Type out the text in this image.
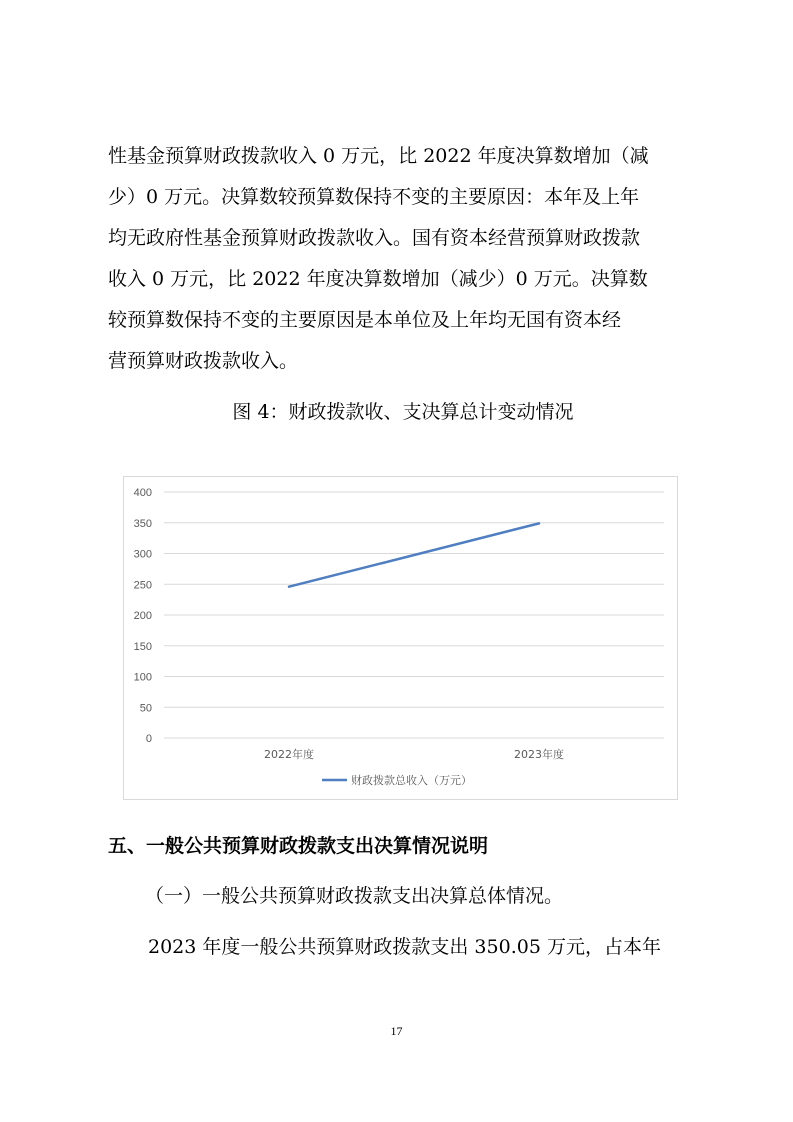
性基金预算财政拨款收入 0 万元，比 2022 年度决算数增加（减
少）0 万元。决算数较预算数保持不变的主要原因：本年及上年
均无政府性基金预算财政拨款收入。国有资本经营预算财政拨款
收入 0 万元，比 2022 年度决算数增加（减少）0 万元。决算数
较预算数保持不变的主要原因是本单位及上年均无国有资本经
营预算财政拨款收入。

图 4：财政拨款收、支决算总计变动情况

0
50
100
150
200
250
300
350
400
2022年度	2023年度
财政拨款总收入（万元）

五、一般公共预算财政拨款支出决算情况说明

（一）一般公共预算财政拨款支出决算总体情况。

2023 年度一般公共预算财政拨款支出 350.05 万元，占本年

17
